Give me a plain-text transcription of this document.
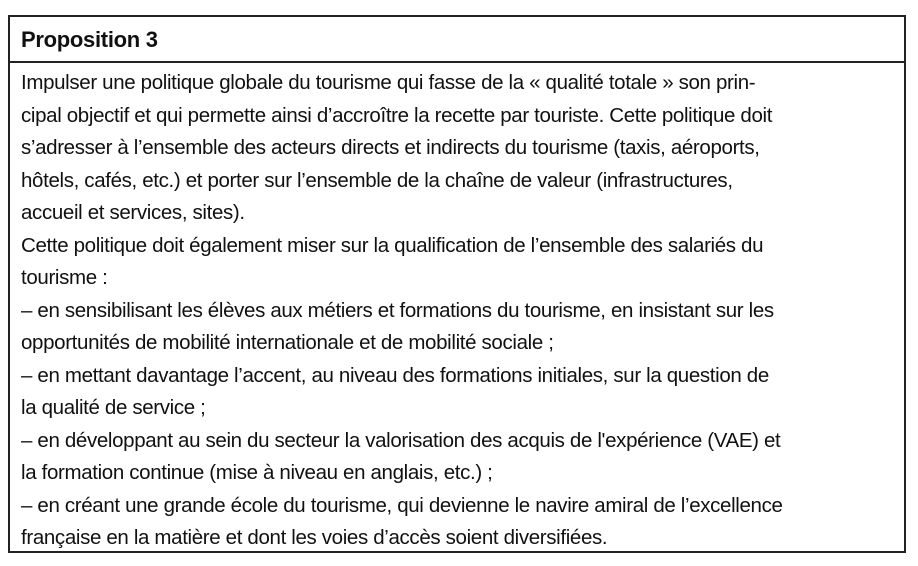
Proposition 3
Impulser une politique globale du tourisme qui fasse de la « qualité totale » son prin-
cipal objectif et qui permette ainsi d’accroître la recette par touriste. Cette politique doit
s’adresser à l’ensemble des acteurs directs et indirects du tourisme (taxis, aéroports,
hôtels, cafés, etc.) et porter sur l’ensemble de la chaîne de valeur (infrastructures,
accueil et services, sites).
Cette politique doit également miser sur la qualification de l’ensemble des salariés du
tourisme :
– en sensibilisant les élèves aux métiers et formations du tourisme, en insistant sur les
opportunités de mobilité internationale et de mobilité sociale ;
– en mettant davantage l’accent, au niveau des formations initiales, sur la question de
la qualité de service ;
– en développant au sein du secteur la valorisation des acquis de l'expérience (VAE) et
la formation continue (mise à niveau en anglais, etc.) ;
– en créant une grande école du tourisme, qui devienne le navire amiral de l’excellence
française en la matière et dont les voies d’accès soient diversifiées.
